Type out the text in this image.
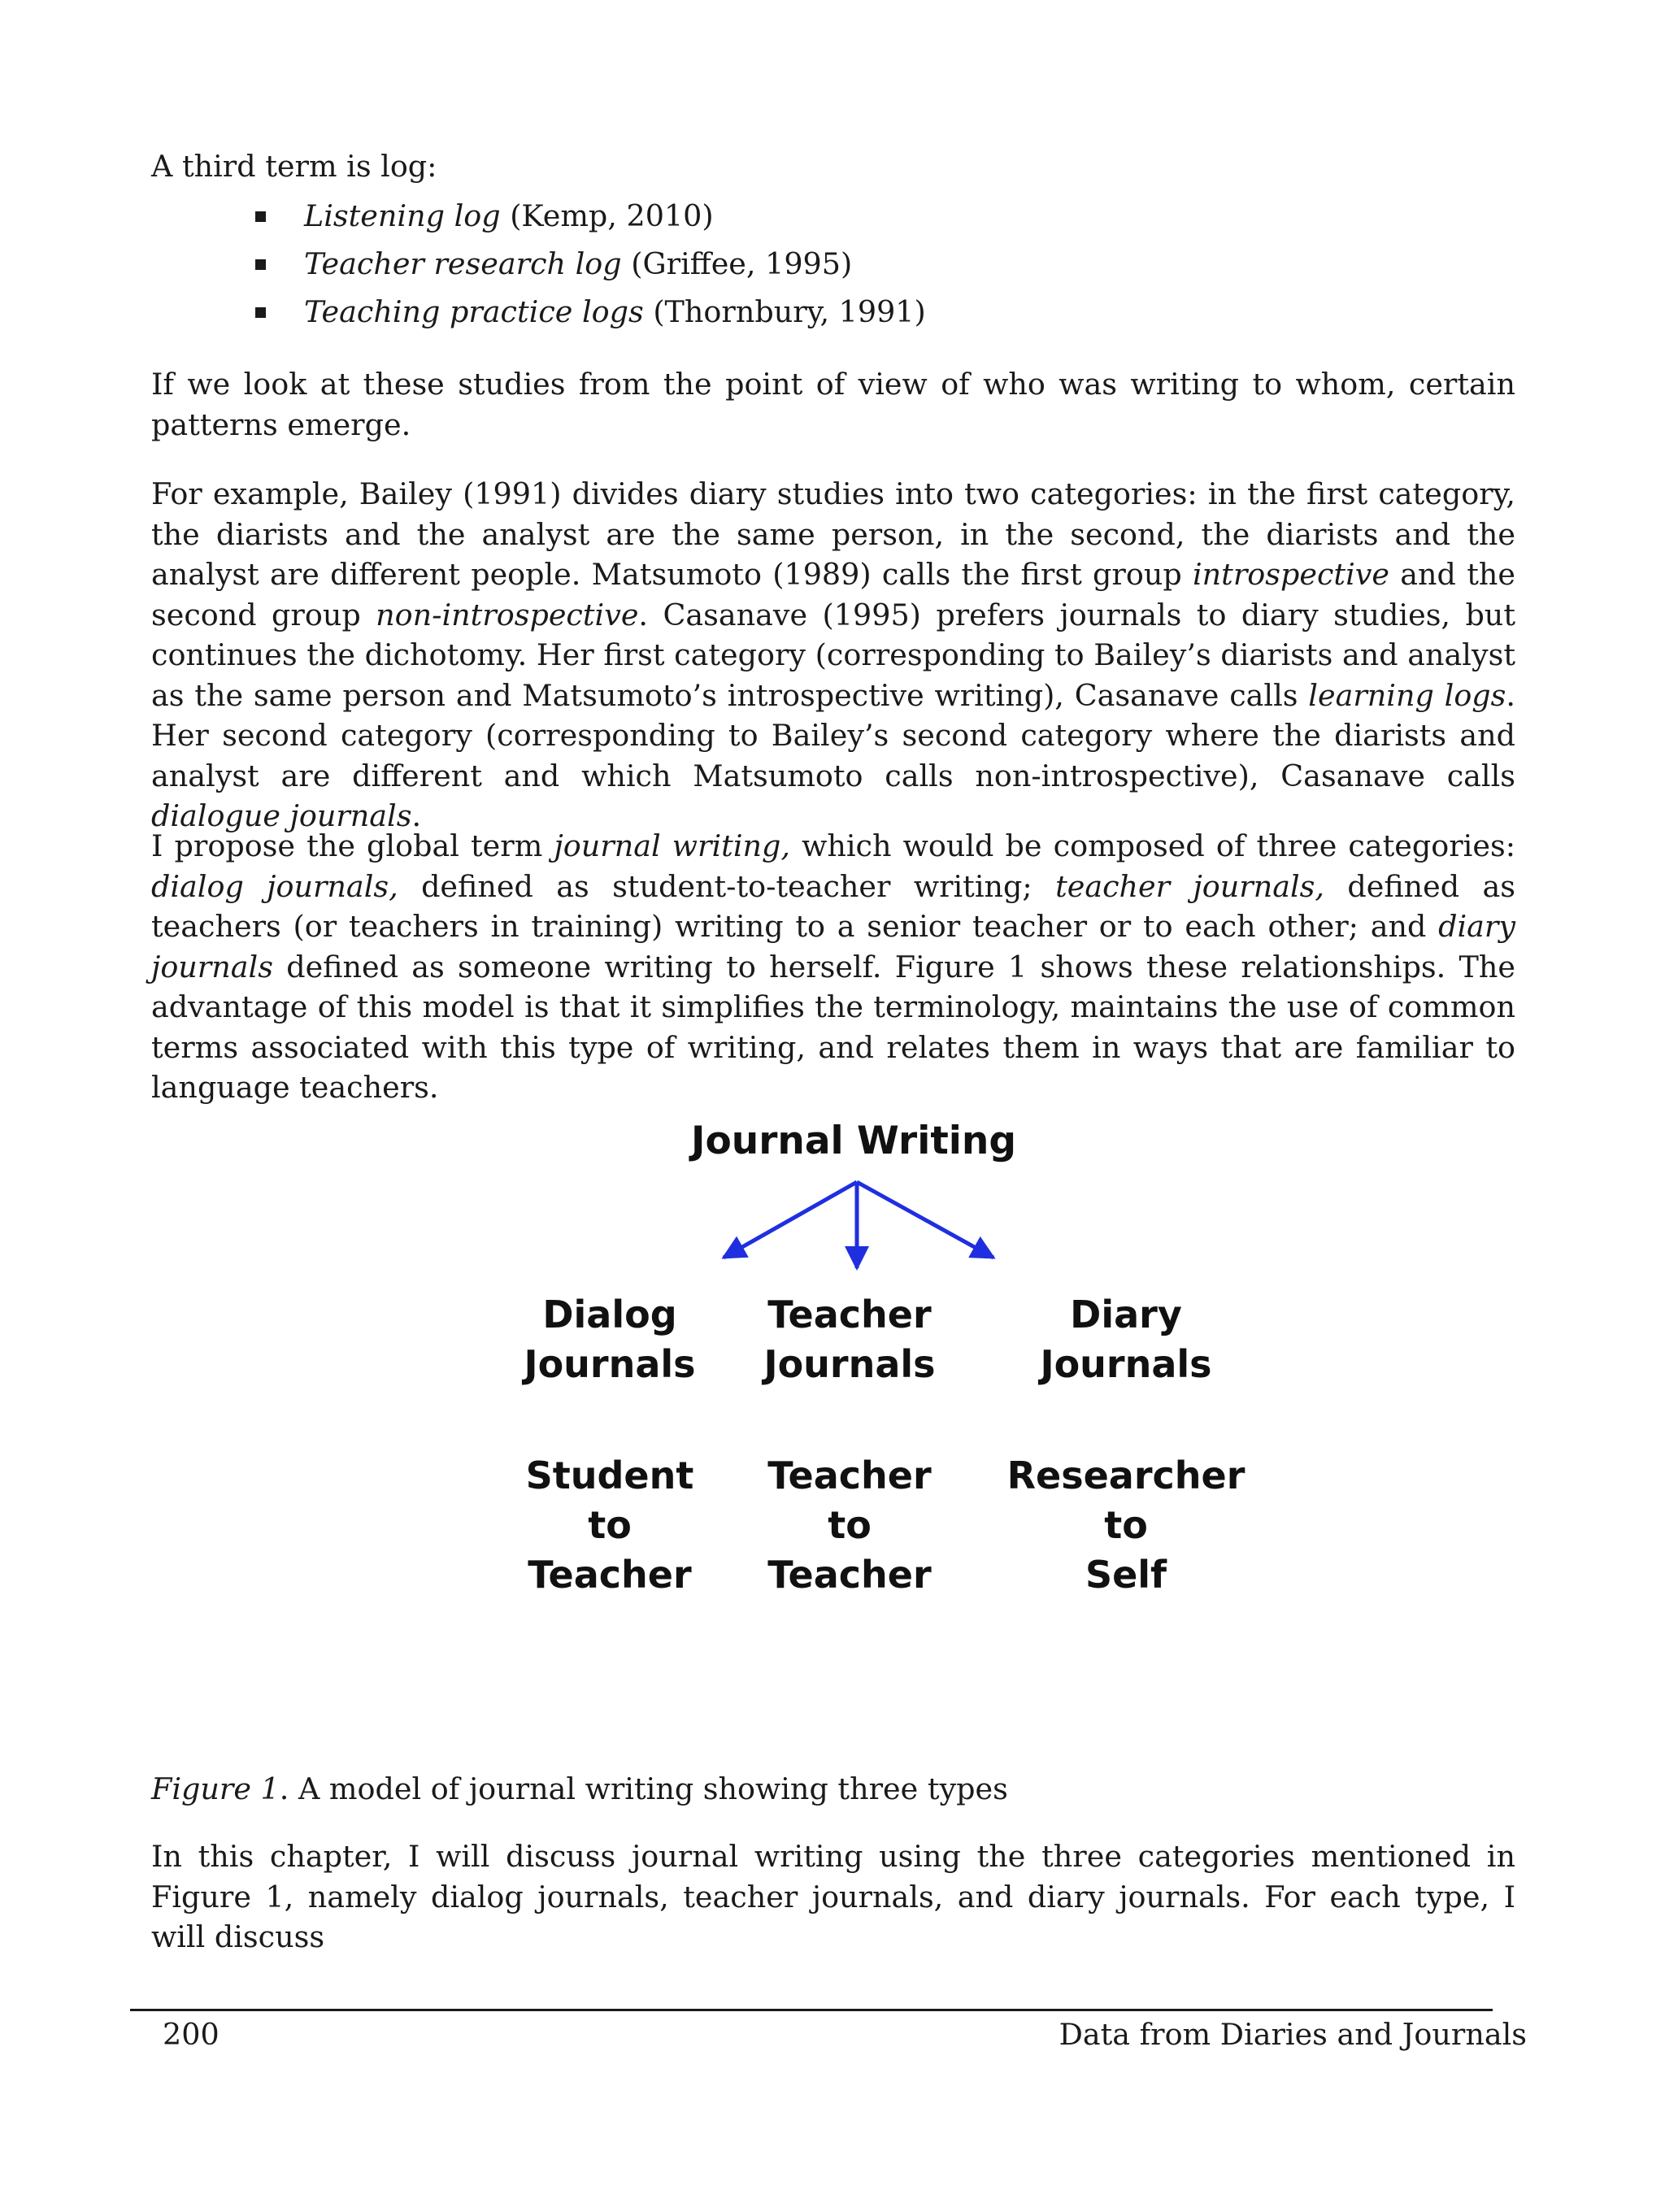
A third term is log:
Listening log (Kemp, 2010)
Teacher research log (Griffee, 1995)
Teaching practice logs (Thornbury, 1991)

If we look at these studies from the point of view of who was writing to whom, certain patterns emerge.

For example, Bailey (1991) divides diary studies into two categories: in the first category, the diarists and the analyst are the same person, in the second, the diarists and the analyst are different people. Matsumoto (1989) calls the first group introspective and the second group non-introspective. Casanave (1995) prefers journals to diary studies, but continues the dichotomy. Her first category (corresponding to Bailey’s diarists and analyst as the same person and Matsumoto’s introspective writing), Casanave calls learning logs. Her second category (corresponding to Bailey’s second category where the diarists and analyst are different and which Matsumoto calls non-introspective), Casanave calls dialogue journals.

I propose the global term journal writing, which would be composed of three categories: dialog journals, defined as student-to-teacher writing; teacher journals, defined as teachers (or teachers in training) writing to a senior teacher or to each other; and diary journals defined as someone writing to herself. Figure 1 shows these relationships. The advantage of this model is that it simplifies the terminology, maintains the use of common terms associated with this type of writing, and relates them in ways that are familiar to language teachers.

Journal Writing
Dialog
Journals
Student
to
Teacher
Teacher
Journals
Teacher
to
Teacher
Diary
Journals
Researcher
to
Self
Figure 1. A model of journal writing showing three types

In this chapter, I will discuss journal writing using the three categories mentioned in Figure 1, namely dialog journals, teacher journals, and diary journals. For each type, I will discuss

200	Data from Diaries and Journals
